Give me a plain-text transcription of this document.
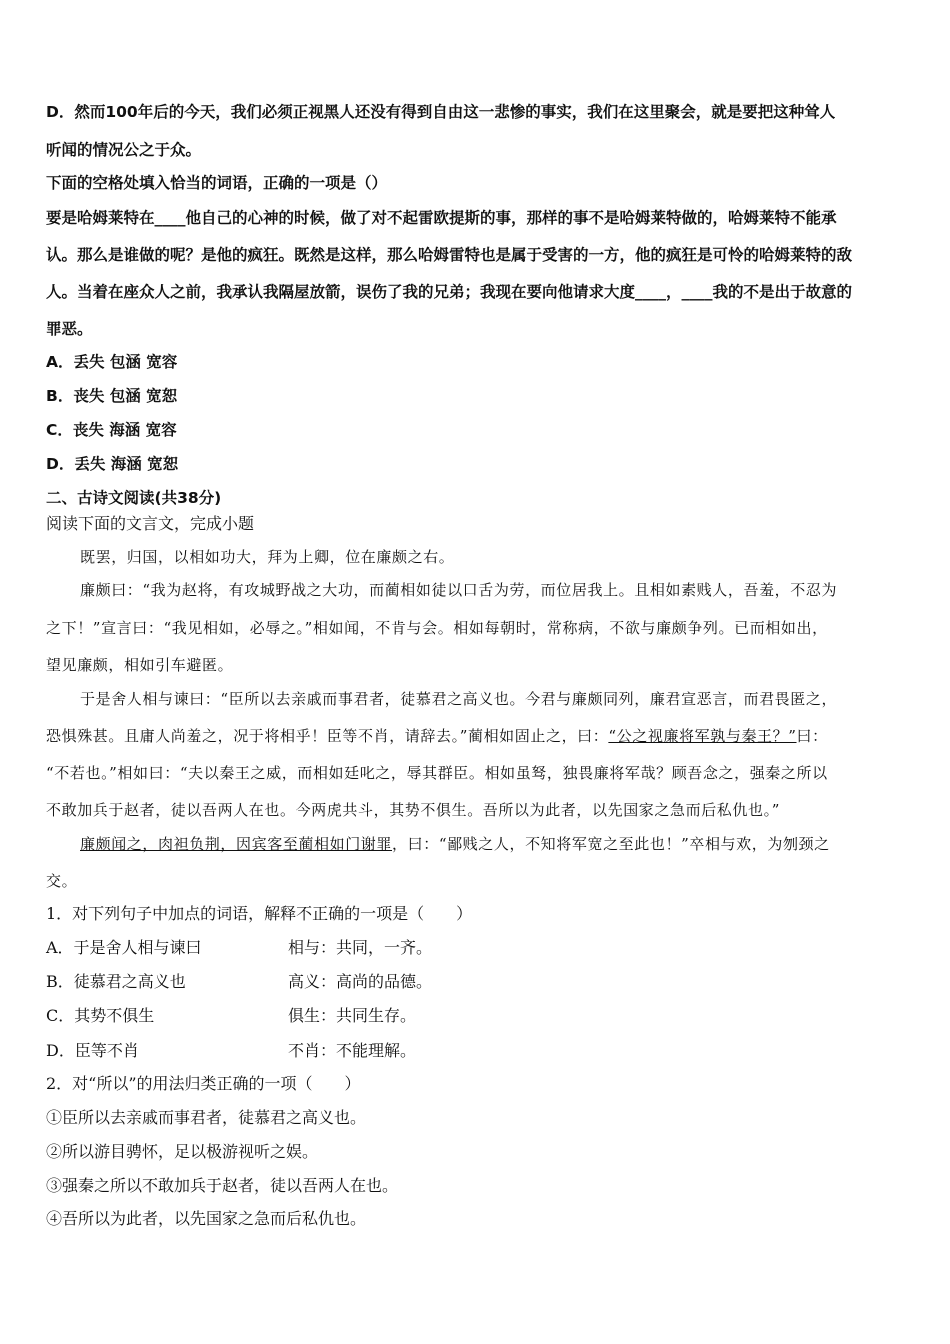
D．然而100年后的今天，我们必须正视黑人还没有得到自由这一悲惨的事实，我们在这里聚会，就是要把这种耸人
听闻的情况公之于众。
下面的空格处填入恰当的词语，正确的一项是（）
要是哈姆莱特在____他自己的心神的时候，做了对不起雷欧提斯的事，那样的事不是哈姆莱特做的，哈姆莱特不能承
认。那么是谁做的呢？是他的疯狂。既然是这样，那么哈姆雷特也是属于受害的一方，他的疯狂是可怜的哈姆莱特的敌
人。当着在座众人之前，我承认我隔屋放箭，误伤了我的兄弟；我现在要向他请求大度____，____我的不是出于故意的
罪恶。
A．丢失 包涵 宽容
B．丧失 包涵 宽恕
C．丧失 海涵 宽容
D．丢失 海涵 宽恕
二、古诗文阅读(共38分)
阅读下面的文言文，完成小题
既罢，归国，以相如功大，拜为上卿，位在廉颇之右。
廉颇曰：“我为赵将，有攻城野战之大功，而蔺相如徒以口舌为劳，而位居我上。且相如素贱人，吾羞，不忍为
之下！”宣言曰：“我见相如，必辱之。”相如闻，不肯与会。相如每朝时，常称病，不欲与廉颇争列。已而相如出，
望见廉颇，相如引车避匿。
于是舍人相与谏曰：“臣所以去亲戚而事君者，徒慕君之高义也。今君与廉颇同列，廉君宣恶言，而君畏匿之，
恐惧殊甚。且庸人尚羞之，况于将相乎！臣等不肖，请辞去。”蔺相如固止之，曰：“公之视廉将军孰与秦王？”曰：
“不若也。”相如曰：“夫以秦王之威，而相如廷叱之，辱其群臣。相如虽驽，独畏廉将军哉？顾吾念之，强秦之所以
不敢加兵于赵者，徒以吾两人在也。今两虎共斗，其势不俱生。吾所以为此者，以先国家之急而后私仇也。”
廉颇闻之，肉袒负荆，因宾客至蔺相如门谢罪，曰：“鄙贱之人，不知将军宽之至此也！”卒相与欢，为刎颈之
交。
1．对下列句子中加点的词语，解释不正确的一项是（　　）
A．于是舍人相与谏曰	相与：共同，一齐。
B．徒慕君之高义也	高义：高尚的品德。
C．其势不俱生	俱生：共同生存。
D．臣等不肖	不肖：不能理解。
2．对“所以”的用法归类正确的一项（　　）
①臣所以去亲戚而事君者，徒慕君之高义也。
②所以游目骋怀，足以极游视听之娱。
③强秦之所以不敢加兵于赵者，徒以吾两人在也。
④吾所以为此者，以先国家之急而后私仇也。
